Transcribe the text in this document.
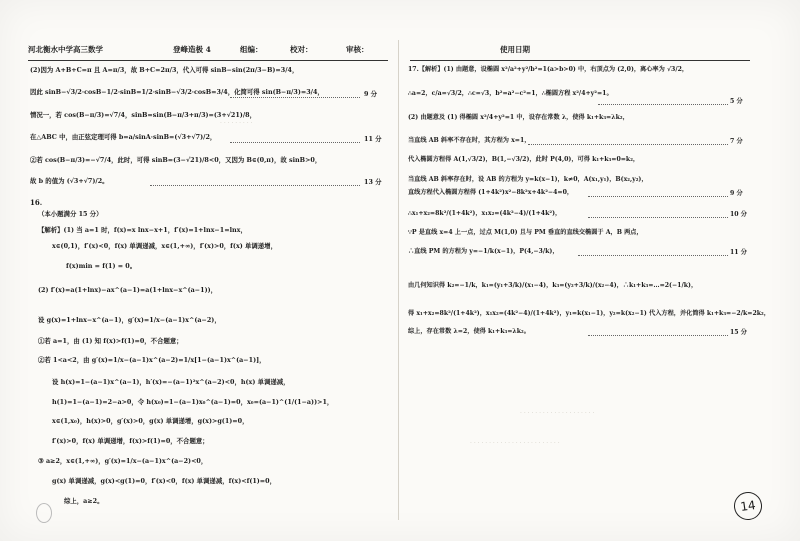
河北衡水中学高三数学	登峰造极 4	组编：	校对：	审核：	使用日期
· · · · · · · · · · · · · · · · · · · ·
· · · · · · · · · · · · · · · · · · · · · · · ·
· · · · · · · · ·
(2)因为 A+B+C=π 且 A=π/3，故 B+C=2π/3，代入可得 sinB−sin(2π/3−B)=3/4，
因此 sinB−√3/2·cosB−1/2·sinB=1/2·sinB−√3/2·cosB=3/4，化简可得 sin(B−π/3)=3/4，
情况一，若 cos(B−π/3)=√7/4，sinB=sin(B−π/3+π/3)=(3+√21)/8，
在△ABC 中，由正弦定理可得 b=a/sinA·sinB=(√3+√7)/2，
②若 cos(B−π/3)=−√7/4，此时，可得 sinB=(3−√21)/8<0，又因为 B∈(0,π)，故 sinB>0，
故 b 的值为 (√3+√7)/2。
16.
（本小题满分 15 分）
【解析】(1) 当 a=1 时，f(x)=x lnx−x+1，f′(x)=1+lnx−1=lnx，
x∈(0,1)，f′(x)<0，f(x) 单调递减，x∈(1,+∞)，f′(x)>0，f(x) 单调递增，
f(x)min = f(1) = 0。
(2) f′(x)=a(1+lnx)−ax^(a−1)=a(1+lnx−x^(a−1))，
设 g(x)=1+lnx−x^(a−1)，g′(x)=1/x−(a−1)x^(a−2)，
①若 a=1，由 (1) 知 f(x)>f(1)=0，不合题意；
②若 1<a<2，由 g′(x)=1/x−(a−1)x^(a−2)=1/x[1−(a−1)x^(a−1)]，
设 h(x)=1−(a−1)x^(a−1)，h′(x)=−(a−1)²x^(a−2)<0，h(x) 单调递减，
h(1)=1−(a−1)=2−a>0，令 h(x₀)=1−(a−1)x₀^(a−1)=0，x₀=(a−1)^(1/(1−a))>1，
x∈(1,x₀)，h(x)>0，g′(x)>0，g(x) 单调递增，g(x)>g(1)=0，
f′(x)>0，f(x) 单调递增，f(x)>f(1)=0，不合题意；
③ a≥2，x∈(1,+∞)，g′(x)=1/x−(a−1)x^(a−2)<0，
g(x) 单调递减，g(x)<g(1)=0，f′(x)<0，f(x) 单调递减，f(x)<f(1)=0，
综上，a≥2。
9 分
11 分
13 分
17.【解析】(1) 由题意，设椭圆 x²/a²+y²/b²=1(a>b>0) 中，右顶点为 (2,0)，离心率为 √3/2，
∴a=2，c/a=√3/2，∴c=√3，b²=a²−c²=1，∴椭圆方程 x²/4+y²=1。
(2) 由题意及 (1) 得椭圆 x²/4+y²=1 中，设存在常数 λ，使得 k₁+k₃=λk₂，
当直线 AB 斜率不存在时，其方程为 x=1，
代入椭圆方程得 A(1,√3/2)，B(1,−√3/2)，此时 P(4,0)，可得 k₁+k₃=0=k₂，
当直线 AB 斜率存在时，设 AB 的方程为 y=k(x−1)，k≠0，A(x₁,y₁)，B(x₂,y₂)，
直线方程代入椭圆方程得 (1+4k²)x²−8k²x+4k²−4=0，
∴x₁+x₂=8k²/(1+4k²)，x₁x₂=(4k²−4)/(1+4k²)，
∵P 是直线 x=4 上一点，过点 M(1,0) 且与 PM 垂直的直线交椭圆于 A，B 两点，
∴直线 PM 的方程为 y=−1/k(x−1)，P(4,−3/k)，
由几何知识得 k₂=−1/k，k₁=(y₁+3/k)/(x₁−4)，k₃=(y₂+3/k)/(x₂−4)，∴k₁+k₃=…=2(−1/k)，
得 x₁+x₂=8k²/(1+4k²)，x₁x₂=(4k²−4)/(1+4k²)，y₁=k(x₁−1)，y₂=k(x₂−1) 代入方程，并化简得 k₁+k₃=−2/k=2k₂，
综上，存在常数 λ=2，使得 k₁+k₃=λk₂。
5 分
7 分
9 分
10 分
11 分
15 分
14
